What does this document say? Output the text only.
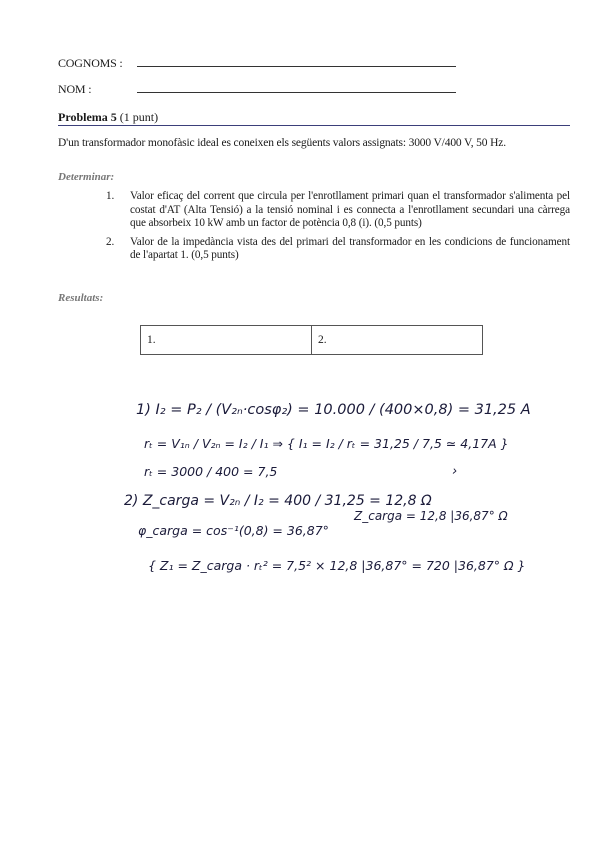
COGNOMS :
NOM :
Problema 5 (1 punt)
D'un transformador monofàsic ideal es coneixen els següents valors assignats: 3000 V/400 V, 50 Hz.
Determinar:
1. Valor eficaç del corrent que circula per l'enrotllament primari quan el transformador s'alimenta pel costat d'AT (Alta Tensió) a la tensió nominal i es connecta a l'enrotllament secundari una càrrega que absorbeix 10 kW amb un factor de potència 0,8 (i). (0,5 punts)
2. Valor de la impedància vista des del primari del transformador en les condicions de funcionament de l'apartat 1. (0,5 punts)
Resultats:
1.	2.
1) I₂ = P₂ / (V₂ₙ·cosφ₂) = 10.000 / (400×0,8) = 31,25 A
rₜ = V₁ₙ / V₂ₙ = I₂ / I₁ ⇒ { I₁ = I₂ / rₜ = 31,25 / 7,5 ≃ 4,17A }
rₜ = 3000 / 400 = 7,5	›
2) Z_carga = V₂ₙ / I₂ = 400 / 31,25 = 12,8 Ω
φ_carga = cos⁻¹(0,8) = 36,87°
Z_carga = 12,8 |36,87° Ω
{ Z₁ = Z_carga · rₜ² = 7,5² × 12,8 |36,87° = 720 |36,87° Ω }
